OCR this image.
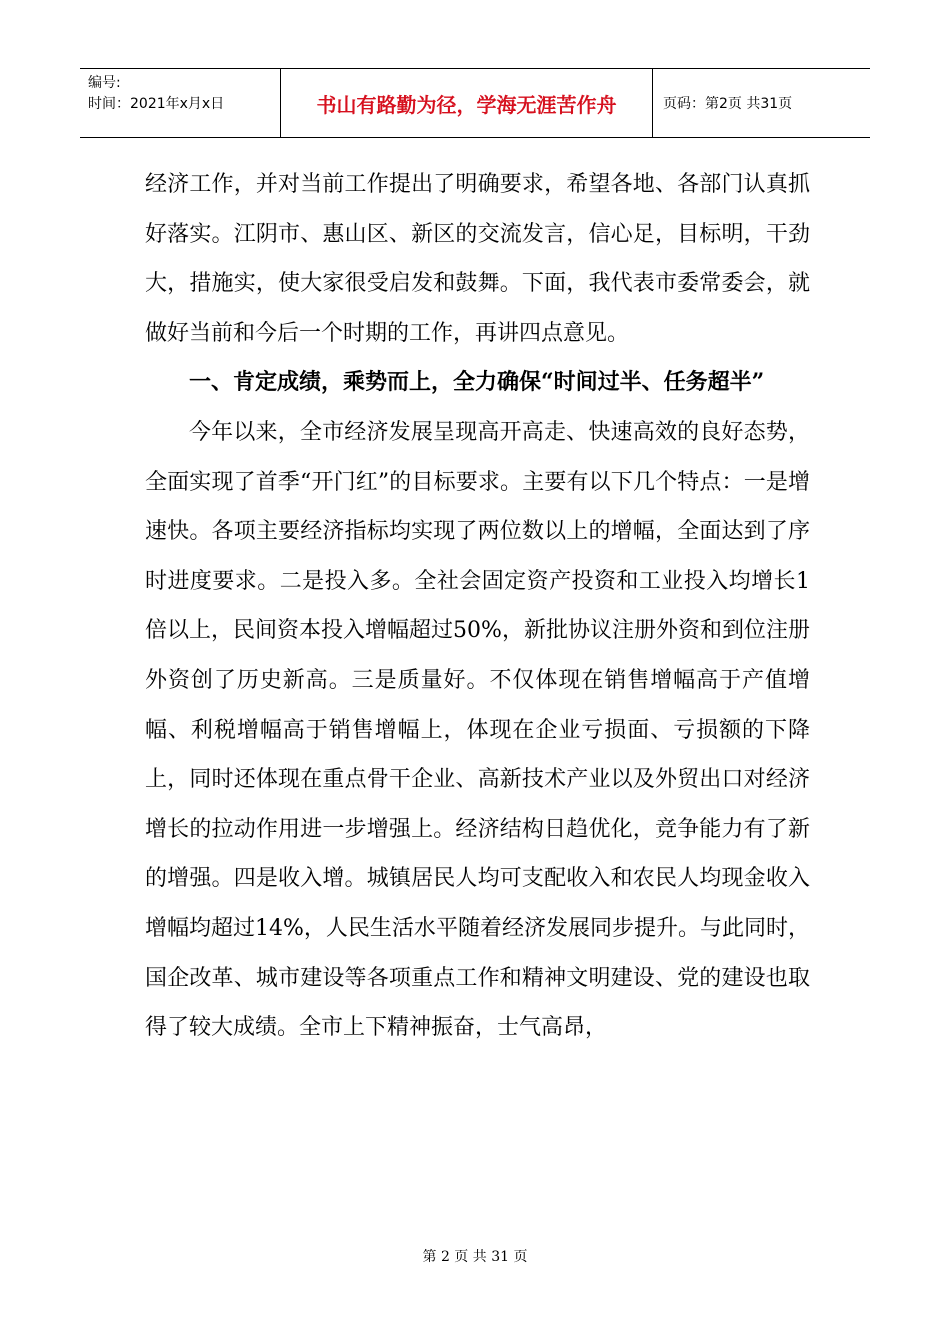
编号:
时间：2021年x月x日	书山有路勤为径，学海无涯苦作舟	页码：第2页 共31页

经济工作，并对当前工作提出了明确要求，希望各地、各部门认真抓好落实。江阴市、惠山区、新区的交流发言，信心足，目标明，干劲大，措施实，使大家很受启发和鼓舞。下面，我代表市委常委会，就做好当前和今后一个时期的工作，再讲四点意见。

一、肯定成绩，乘势而上，全力确保“时间过半、任务超半”

今年以来，全市经济发展呈现高开高走、快速高效的良好态势，全面实现了首季“开门红”的目标要求。主要有以下几个特点：一是增速快。各项主要经济指标均实现了两位数以上的增幅，全面达到了序时进度要求。二是投入多。全社会固定资产投资和工业投入均增长1倍以上，民间资本投入增幅超过50%，新批协议注册外资和到位注册外资创了历史新高。三是质量好。不仅体现在销售增幅高于产值增幅、利税增幅高于销售增幅上，体现在企业亏损面、亏损额的下降上，同时还体现在重点骨干企业、高新技术产业以及外贸出口对经济增长的拉动作用进一步增强上。经济结构日趋优化，竞争能力有了新的增强。四是收入增。城镇居民人均可支配收入和农民人均现金收入增幅均超过14%，人民生活水平随着经济发展同步提升。与此同时，国企改革、城市建设等各项重点工作和精神文明建设、党的建设也取得了较大成绩。全市上下精神振奋，士气高昂，

第 2 页 共 31 页
